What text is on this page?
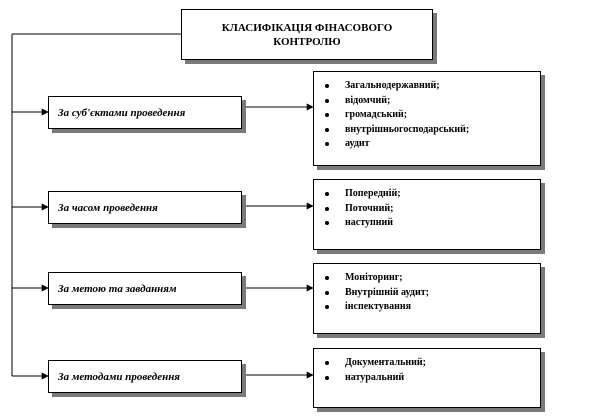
КЛАСИФІКАЦІЯ ФІНАСОВОГО
КОНТРОЛЮ
За суб'єктами проведення
Загальнодержавний;
відомчий;
громадський;
внутрішньогосподарський;
аудит
За часом проведення
Попередній;
Поточний;
наступний
За метою та завданням
Моніторинг;
Внутрішній аудит;
інспектування
За методами проведення
Документальний;
натуральний
